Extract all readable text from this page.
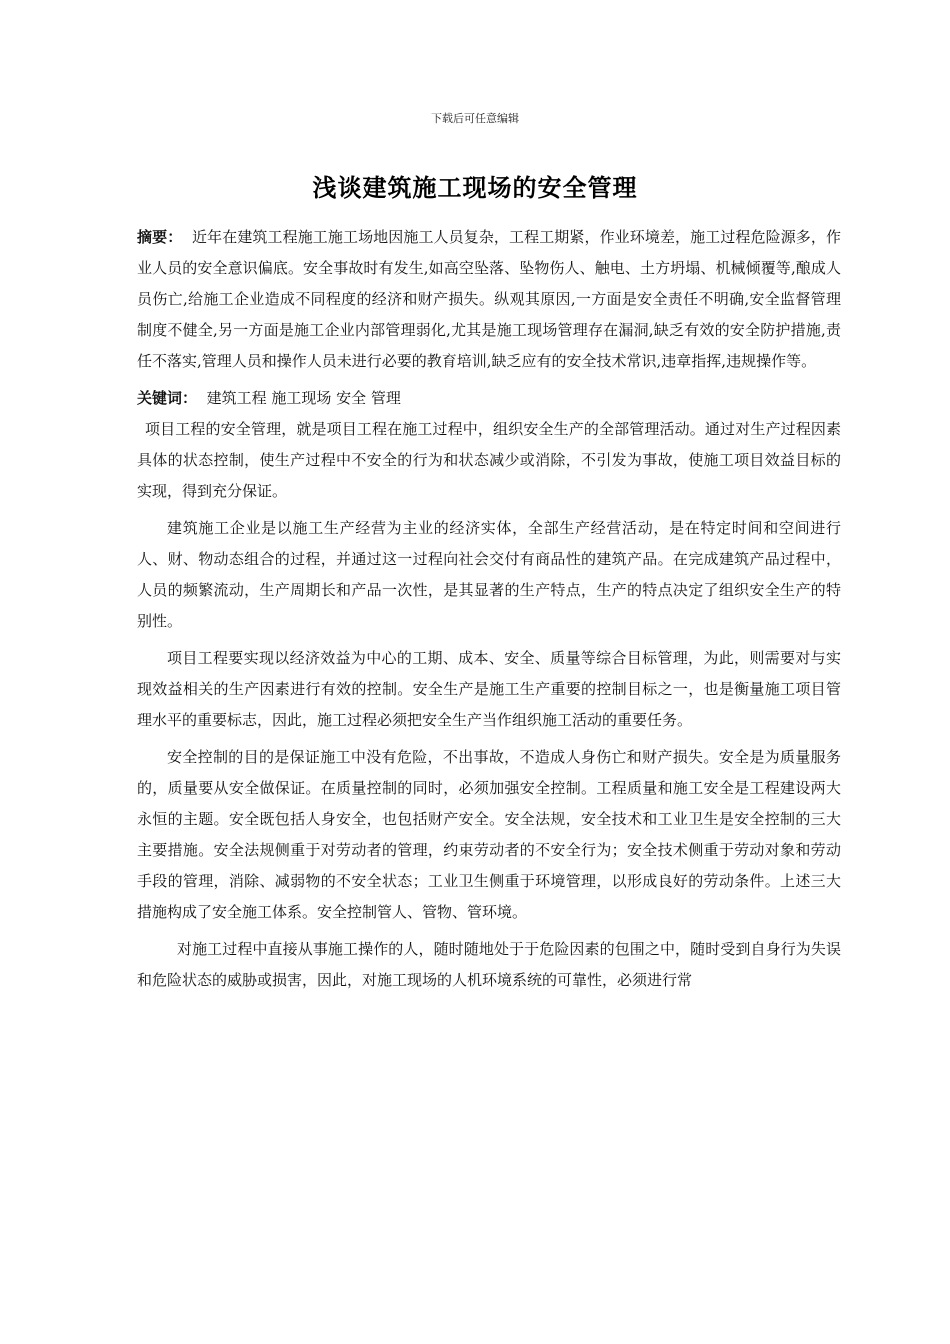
下载后可任意编辑
浅谈建筑施工现场的安全管理

摘要： 近年在建筑工程施工施工场地因施工人员复杂，工程工期紧，作业环境差，施工过程危险源多，作业人员的安全意识偏底。安全事故时有发生,如高空坠落、坠物伤人、触电、土方坍塌、机械倾覆等,酿成人员伤亡,给施工企业造成不同程度的经济和财产损失。纵观其原因,一方面是安全责任不明确,安全监督管理制度不健全,另一方面是施工企业内部管理弱化,尤其是施工现场管理存在漏洞,缺乏有效的安全防护措施,责任不落实,管理人员和操作人员未进行必要的教育培训,缺乏应有的安全技术常识,违章指挥,违规操作等。

关键词： 建筑工程 施工现场 安全 管理

项目工程的安全管理，就是项目工程在施工过程中，组织安全生产的全部管理活动。通过对生产过程因素具体的状态控制，使生产过程中不安全的行为和状态减少或消除，不引发为事故，使施工项目效益目标的实现，得到充分保证。

建筑施工企业是以施工生产经营为主业的经济实体，全部生产经营活动，是在特定时间和空间进行人、财、物动态组合的过程，并通过这一过程向社会交付有商品性的建筑产品。在完成建筑产品过程中，人员的频繁流动，生产周期长和产品一次性，是其显著的生产特点，生产的特点决定了组织安全生产的特别性。

项目工程要实现以经济效益为中心的工期、成本、安全、质量等综合目标管理，为此，则需要对与实现效益相关的生产因素进行有效的控制。安全生产是施工生产重要的控制目标之一，也是衡量施工项目管理水平的重要标志，因此，施工过程必须把安全生产当作组织施工活动的重要任务。

安全控制的目的是保证施工中没有危险，不出事故，不造成人身伤亡和财产损失。安全是为质量服务的，质量要从安全做保证。在质量控制的同时，必须加强安全控制。工程质量和施工安全是工程建设两大永恒的主题。安全既包括人身安全，也包括财产安全。安全法规，安全技术和工业卫生是安全控制的三大主要措施。安全法规侧重于对劳动者的管理，约束劳动者的不安全行为；安全技术侧重于劳动对象和劳动手段的管理，消除、减弱物的不安全状态；工业卫生侧重于环境管理，以形成良好的劳动条件。上述三大措施构成了安全施工体系。安全控制管人、管物、管环境。

对施工过程中直接从事施工操作的人，随时随地处于于危险因素的包围之中，随时受到自身行为失误和危险状态的威胁或损害，因此，对施工现场的人机环境系统的可靠性，必须进行常
